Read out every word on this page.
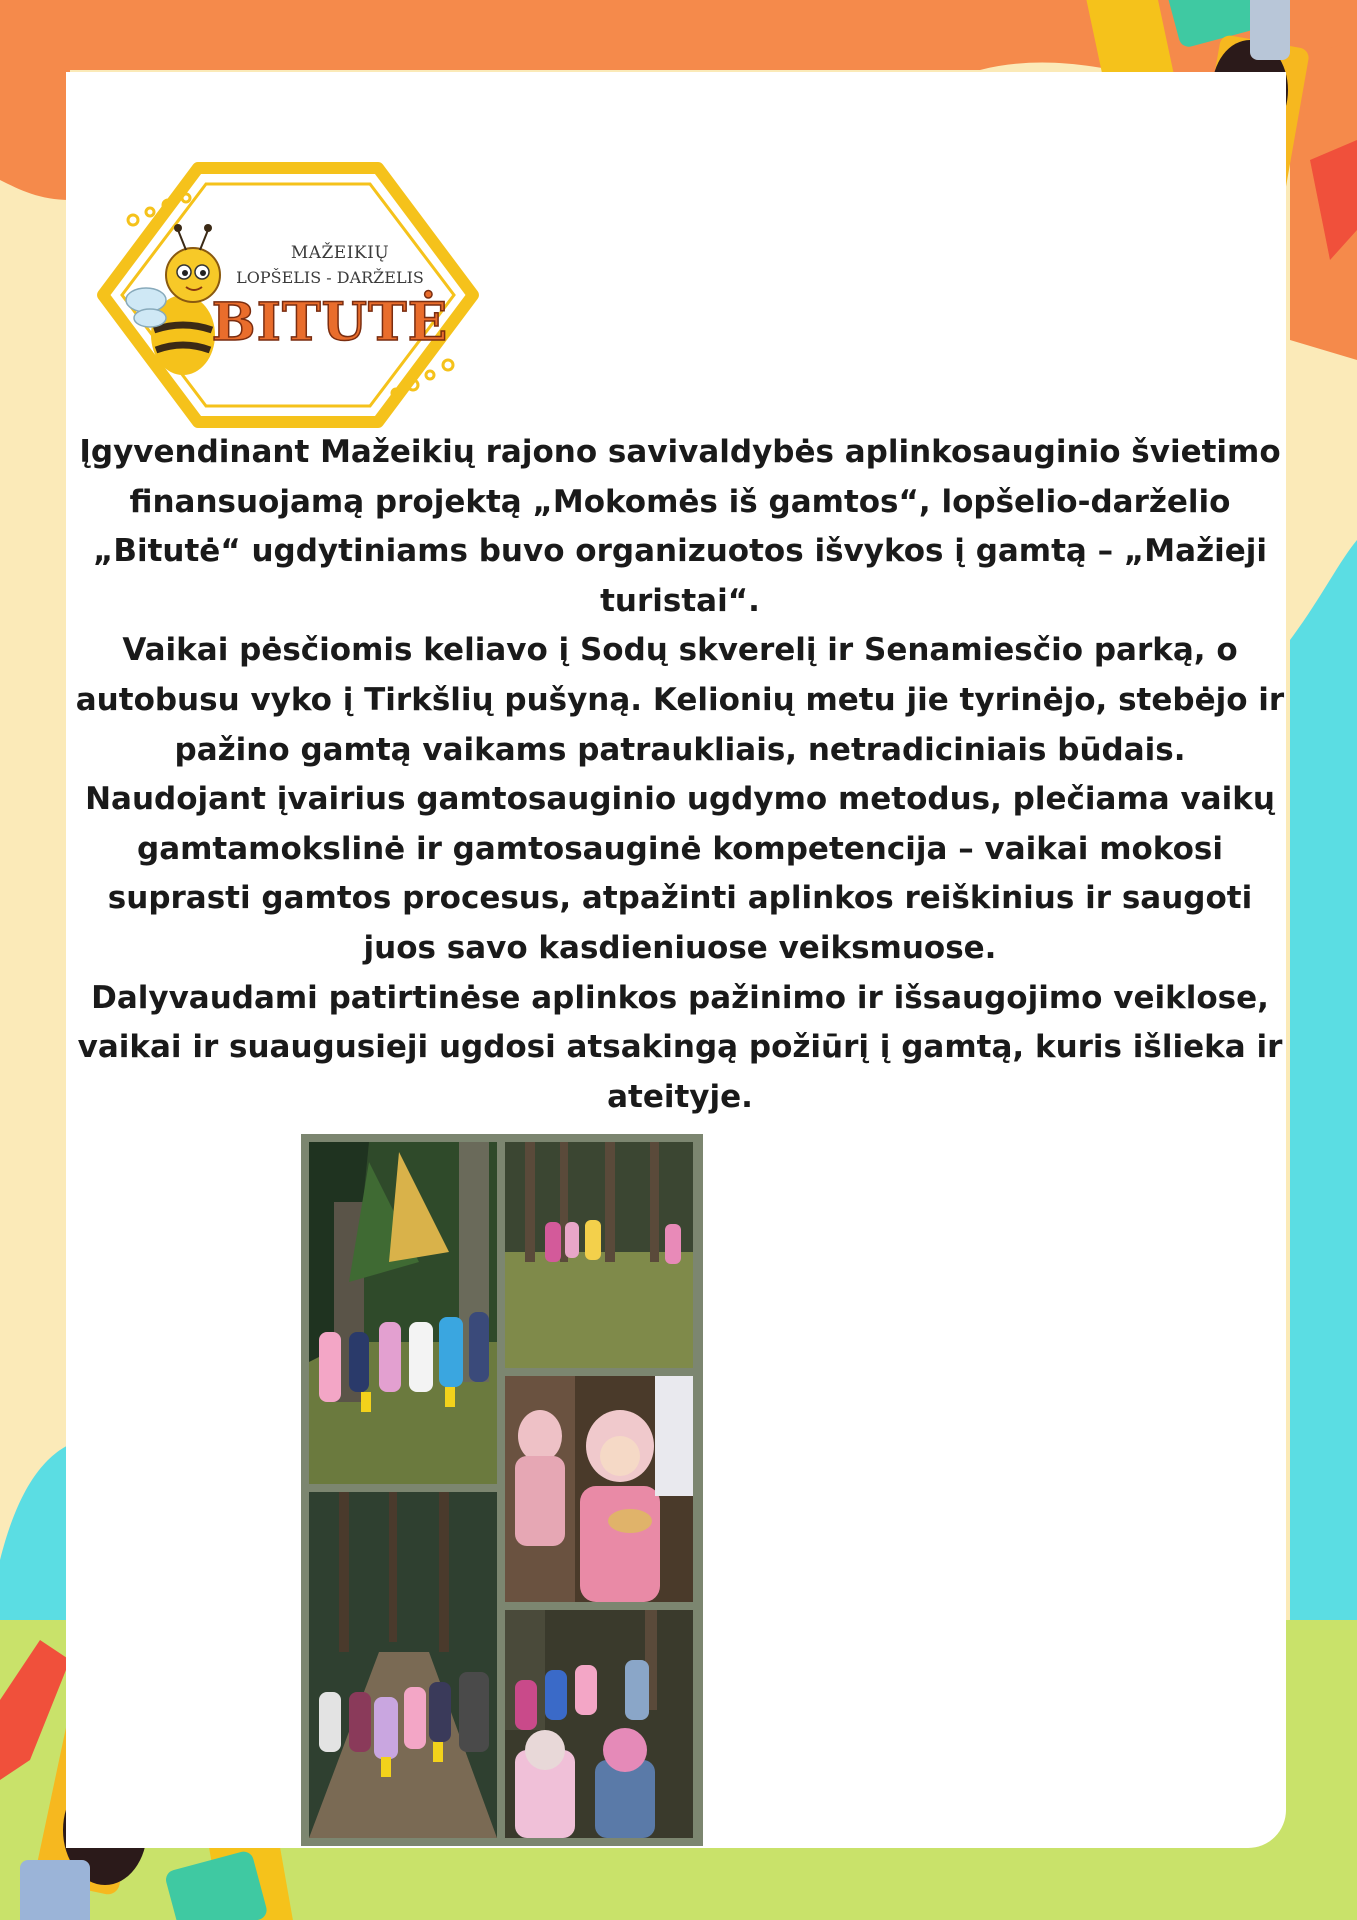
MAŽEIKIŲ
LOPŠELIS - DARŽELIS
BITUTĖ

Įgyvendinant Mažeikių rajono savivaldybės aplinkosauginio švietimo finansuojamą projektą „Mokomės iš gamtos“, lopšelio-darželio „Bitutė“ ugdytiniams buvo organizuotos išvykos į gamtą – „Mažieji turistai“.

Vaikai pėsčiomis keliavo į Sodų skverelį ir Senamiesčio parką, o autobusu vyko į Tirkšlių pušyną. Kelionių metu jie tyrinėjo, stebėjo ir pažino gamtą vaikams patraukliais, netradiciniais būdais.

Naudojant įvairius gamtosauginio ugdymo metodus, plečiama vaikų gamtamokslinė ir gamtosauginė kompetencija – vaikai mokosi suprasti gamtos procesus, atpažinti aplinkos reiškinius ir saugoti juos savo kasdieniuose veiksmuose.

Dalyvaudami patirtinėse aplinkos pažinimo ir išsaugojimo veiklose, vaikai ir suaugusieji ugdosi atsakingą požiūrį į gamtą, kuris išlieka ir ateityje.
